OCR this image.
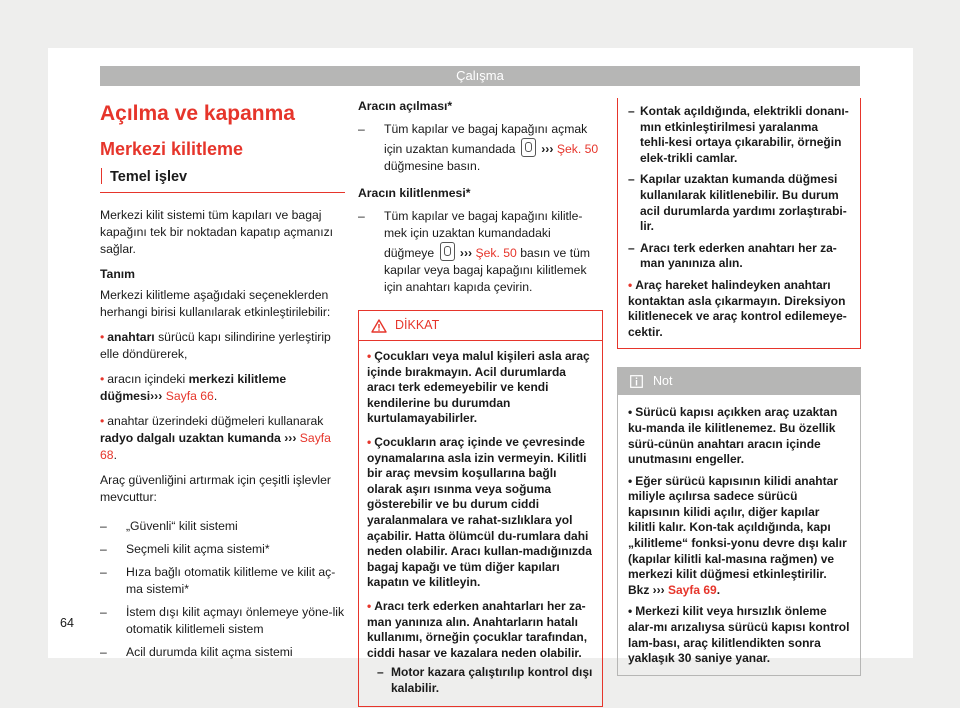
Çalışma
Açılma ve kapanma
Merkezi kilitleme
Temel işlev

Merkezi kilit sistemi tüm kapıları ve bagaj kapağını tek bir noktadan kapatıp açmanızı sağlar.

Tanım

Merkezi kilitleme aşağıdaki seçeneklerden herhangi birisi kullanılarak etkinleştirilebilir:

• anahtarı sürücü kapı silindirine yerleştirip elle döndürerek,

• aracın içindeki merkezi kilitleme düğmesi››› Sayfa 66.

• anahtar üzerindeki düğmeleri kullanarak radyo dalgalı uzaktan kumanda ››› Sayfa 68.

Araç güvenliğini artırmak için çeşitli işlevler mevcuttur:

– „Güvenli“ kilit sistemi
– Seçmeli kilit açma sistemi*
– Hıza bağlı otomatik kilitleme ve kilit aç-ma sistemi*
– İstem dışı kilit açmayı önlemeye yöne-lik otomatik kilitlemeli sistem
– Acil durumda kilit açma sistemi

Aracın açılması*

– Tüm kapılar ve bagaj kapağını açmak için uzaktan kumandada ››› Şek. 50
düğmesine basın.

Aracın kilitlenmesi*

– Tüm kapılar ve bagaj kapağını kilitle-mek için uzaktan kumandadaki düğmeye ››› Şek. 50 basın ve tüm kapılar veya bagaj kapağını kilitlemek için anahtarı kapıda çevirin.
DİKKAT

• Çocukları veya malul kişileri asla araç içinde bırakmayın. Acil durumlarda aracı terk edemeyebilir ve kendi kendilerine bu durumdan kurtulamayabilirler.

• Çocukların araç içinde ve çevresinde oynamalarına asla izin vermeyin. Kilitli bir araç mevsim koşullarına bağlı olarak aşırı ısınma veya soğuma gösterebilir ve bu durum ciddi yaralanmalara ve rahat-sızlıklara yol açabilir. Hatta ölümcül du-rumlara dahi neden olabilir. Aracı kullan-madığınızda bagaj kapağı ve tüm diğer kapıları kapatın ve kilitleyin.

• Aracı terk ederken anahtarları her za-man yanınıza alın. Anahtarların hatalı kullanımı, örneğin çocuklar tarafından, ciddi hasar ve kazalara neden olabilir.

– Motor kazara çalıştırılıp kontrol dışı kalabilir.
– Kontak açıldığında, elektrikli donanı-mın etkinleştirilmesi yaralanma tehli-kesi ortaya çıkarabilir, örneğin elek-trikli camlar.
– Kapılar uzaktan kumanda düğmesi kullanılarak kilitlenebilir. Bu durum acil durumlarda yardımı zorlaştırabi-lir.
– Aracı terk ederken anahtarı her za-man yanınıza alın.

• Araç hareket halindeyken anahtarı kontaktan asla çıkarmayın. Direksiyon kilitlenecek ve araç kontrol edilemeye-cektir.

Not

• Sürücü kapısı açıkken araç uzaktan ku-manda ile kilitlenemez. Bu özellik sürü-cünün anahtarı aracın içinde unutmasını engeller.

• Eğer sürücü kapısının kilidi anahtar miliyle açılırsa sadece sürücü kapısının kilidi açılır, diğer kapılar kilitli kalır. Kon-tak açıldığında, kapı „kilitleme“ fonksi-yonu devre dışı kalır (kapılar kilitli kal-masına rağmen) ve merkezi kilit düğmesi etkinleştirilir. Bkz ››› Sayfa 69.

• Merkezi kilit veya hırsızlık önleme alar-mı arızalıysa sürücü kapısı kontrol lam-bası, araç kilitlendikten sonra yaklaşık 30 saniye yanar.

64
